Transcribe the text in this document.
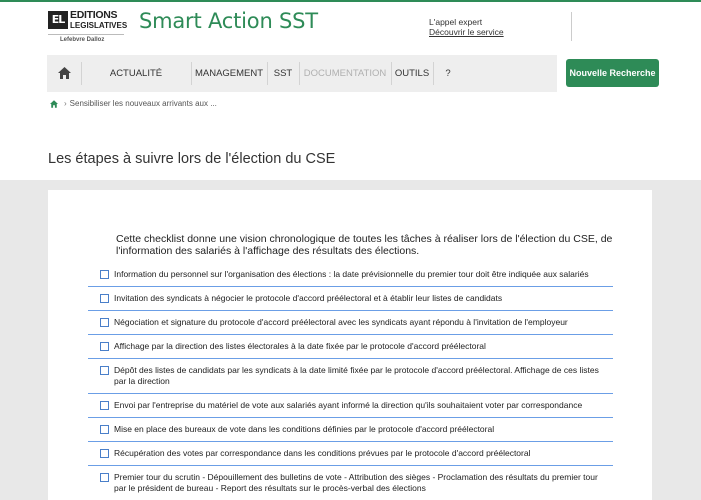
EL EDITIONS
LEGISLATIVES
Lefebvre Dalloz
Smart Action SST	L'appel expert
Découvrir le service
ACTUALITÉ	MANAGEMENT	SST	DOCUMENTATION OUTILS	?	Nouvelle Recherche
› Sensibiliser les nouveaux arrivants aux ...
Les étapes à suivre lors de l'élection du CSE

Cette checklist donne une vision chronologique de toutes les tâches à réaliser lors de l'élection du CSE, de l'information des salariés à l'affichage des résultats des élections.

Information du personnel sur l'organisation des élections : la date prévisionnelle du premier tour doit être indiquée aux salariés
Invitation des syndicats à négocier le protocole d'accord préélectoral et à établir leur listes de candidats
Négociation et signature du protocole d'accord préélectoral avec les syndicats ayant répondu à l'invitation de l'employeur
Affichage par la direction des listes électorales à la date fixée par le protocole d'accord préélectoral
Dépôt des listes de candidats par les syndicats à la date limité fixée par le protocole d'accord préélectoral. Affichage de ces listes par la direction
Envoi par l'entreprise du matériel de vote aux salariés ayant informé la direction qu'ils souhaitaient voter par correspondance
Mise en place des bureaux de vote dans les conditions définies par le protocole d'accord préélectoral
Récupération des votes par correspondance dans les conditions prévues par le protocole d'accord préélectoral
Premier tour du scrutin - Dépouillement des bulletins de vote - Attribution des sièges - Proclamation des résultats du premier tour par le président de bureau - Report des résultats sur le procès-verbal des élections
